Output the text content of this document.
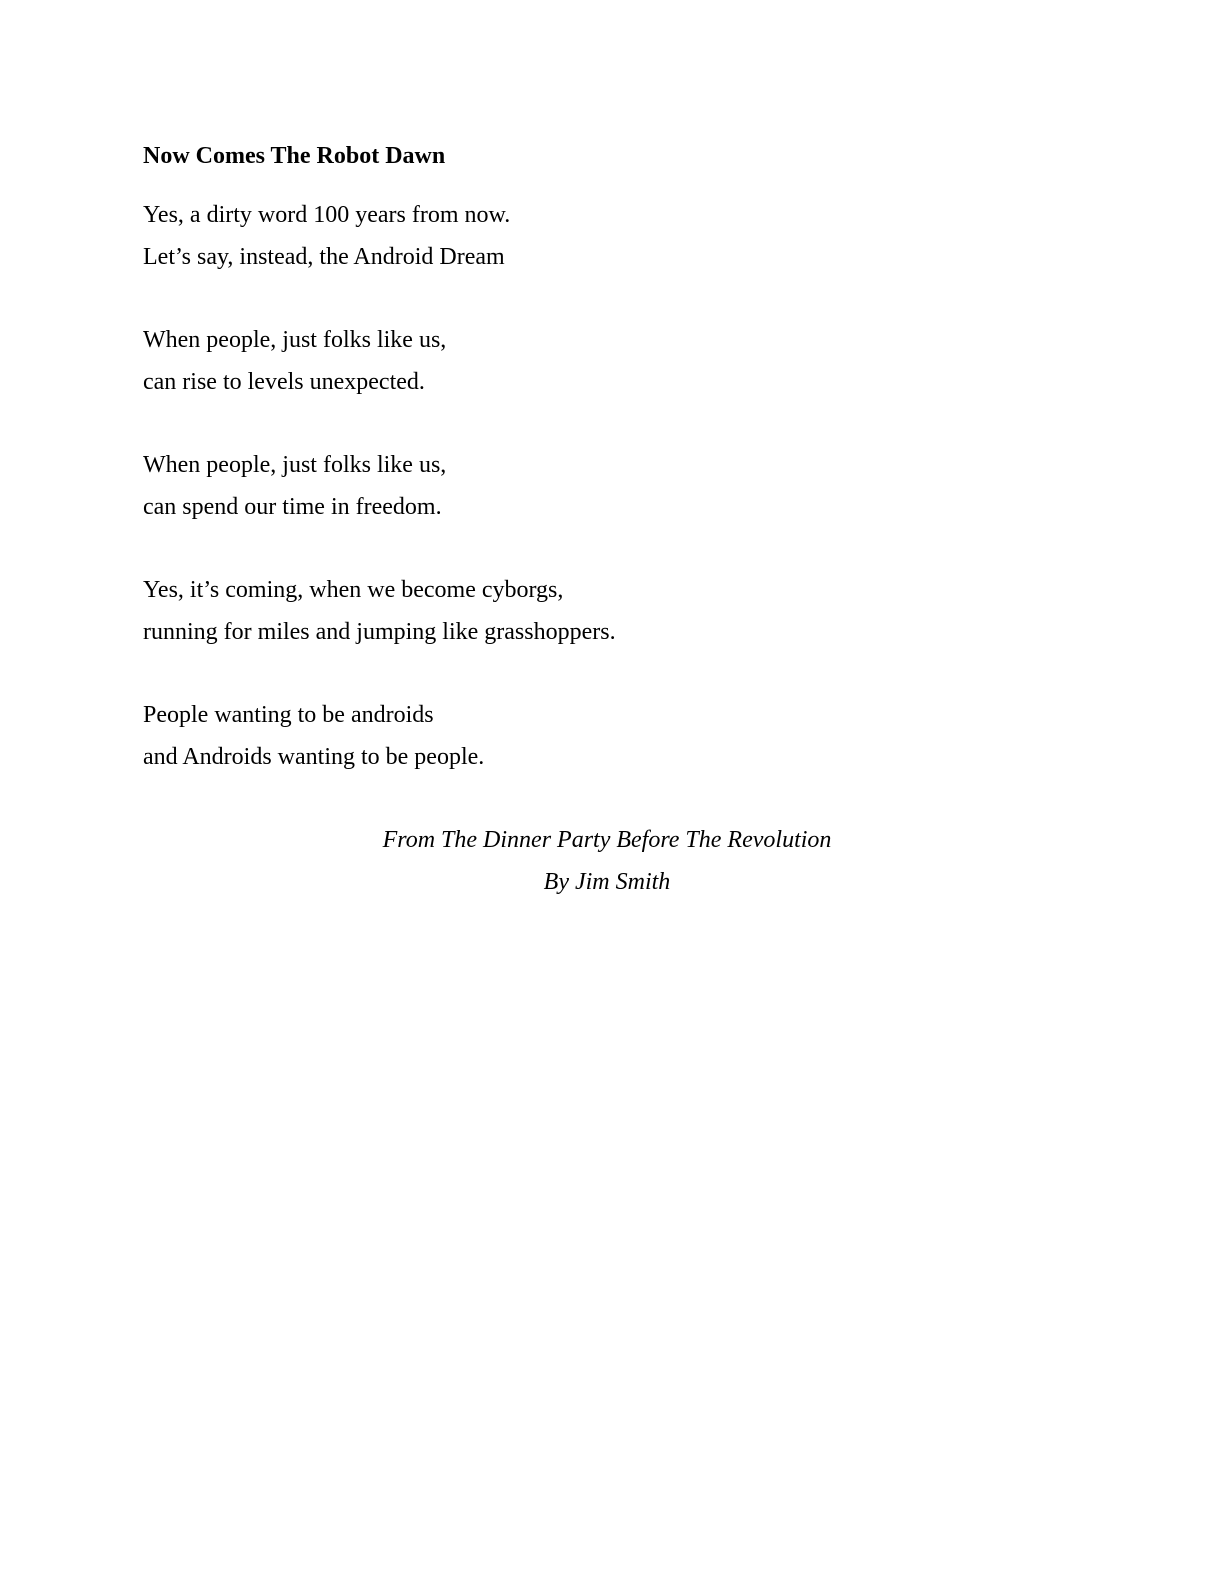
Now Comes The Robot Dawn
Yes, a dirty word 100 years from now.
Let’s say, instead, the Android Dream
When people, just folks like us,
can rise to levels unexpected.
When people, just folks like us,
can spend our time in freedom.
Yes, it’s coming, when we become cyborgs,
running for miles and jumping like grasshoppers.
People wanting to be androids
and Androids wanting to be people.
From The Dinner Party Before The Revolution
By Jim Smith
